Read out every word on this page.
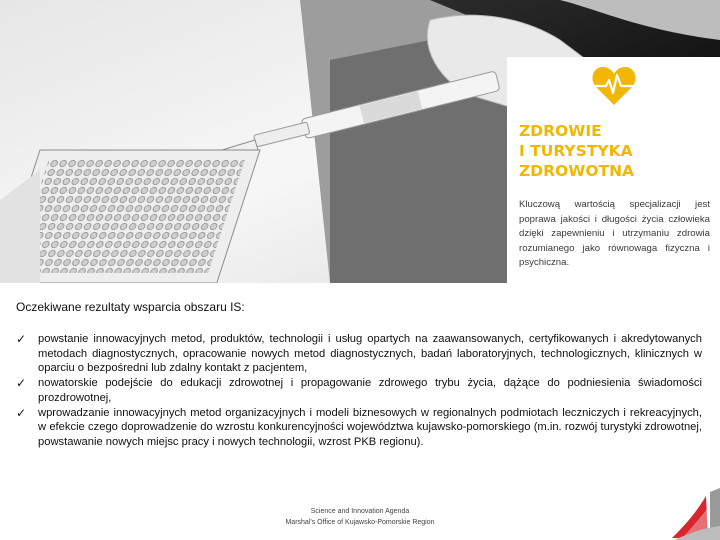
ZDROWIE
I TURYSTYKA
ZDROWOTNA

Kluczową wartością specjalizacji jest poprawa jakości i długości życia człowieka dzięki zapewnieniu i utrzymaniu zdrowia rozumianego jako równowaga fizyczna i psychiczna.

Oczekiwane rezultaty wsparcia obszaru IS:

✓ powstanie innowacyjnych metod, produktów, technologii i usług opartych na zaawansowanych, certyfikowanych i akredytowanych metodach diagnostycznych, opracowanie nowych metod diagnostycznych, badań laboratoryjnych, technologicznych, klinicznych w oparciu o bezpośredni lub zdalny kontakt z pacjentem,
✓ nowatorskie podejście do edukacji zdrowotnej i propagowanie zdrowego trybu życia, dążące do podniesienia świadomości prozdrowotnej,
✓ wprowadzanie innowacyjnych metod organizacyjnych i modeli biznesowych w regionalnych podmiotach leczniczych i rekreacyjnych, w efekcie czego doprowadzenie do wzrostu konkurencyjności województwa kujawsko-pomorskiego (m.in. rozwój turystyki zdrowotnej, powstawanie nowych miejsc pracy i nowych technologii, wzrost PKB regionu).
Science and Innovation Agenda
Marshal's Office of Kujawsko-Pomorskie Region
